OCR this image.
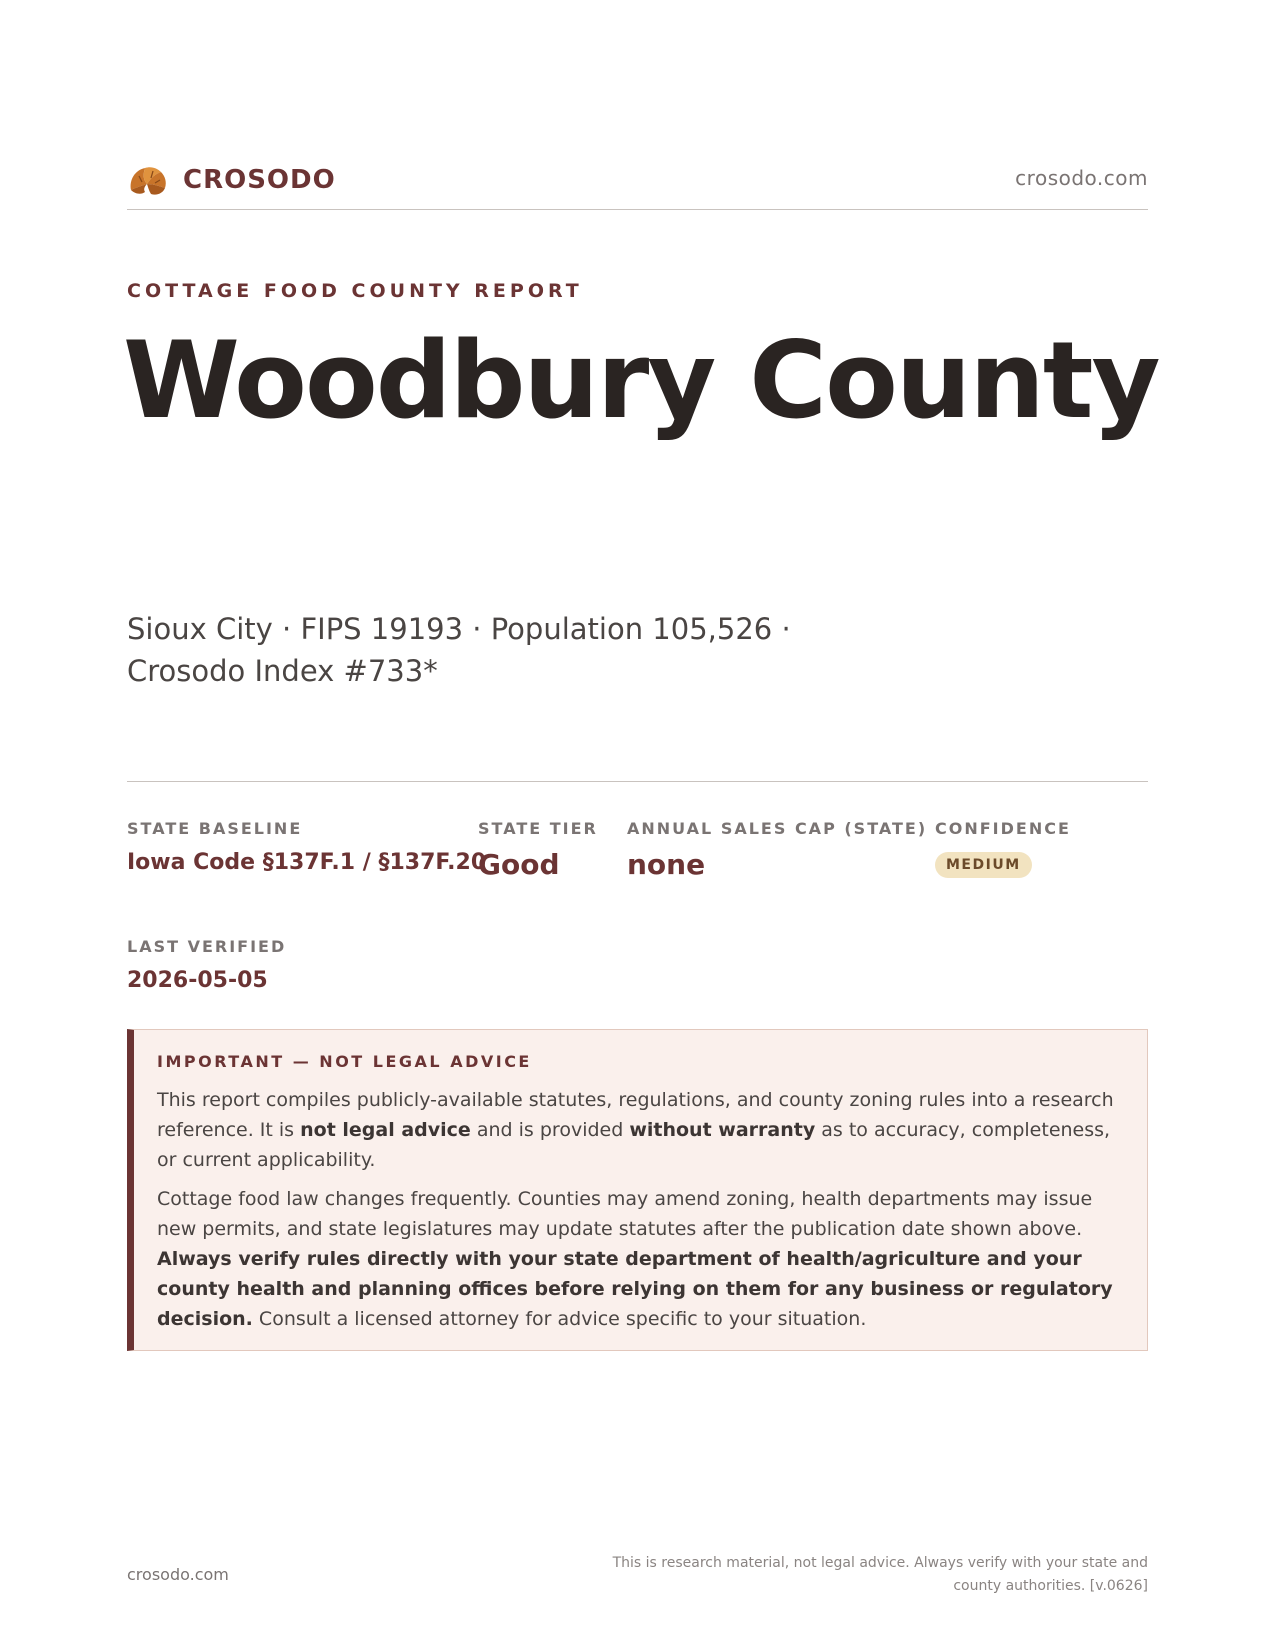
CROSODO	crosodo.com
COTTAGE FOOD COUNTY REPORT
Woodbury County
Sioux City · FIPS 19193 · Population 105,526 · Crosodo Index #733*
STATE BASELINE
Iowa Code §137F.1 / §137F.20
STATE TIER
Good
ANNUAL SALES CAP (STATE)
none
CONFIDENCE
MEDIUM
LAST VERIFIED
2026-05-05
IMPORTANT — NOT LEGAL ADVICE

This report compiles publicly-available statutes, regulations, and county zoning rules into a research reference. It is not legal advice and is provided without warranty as to accuracy, completeness, or current applicability.

Cottage food law changes frequently. Counties may amend zoning, health departments may issue new permits, and state legislatures may update statutes after the publication date shown above. Always verify rules directly with your state department of health/agriculture and your county health and planning offices before relying on them for any business or regulatory decision. Consult a licensed attorney for advice specific to your situation.

crosodo.com
This is research material, not legal advice. Always verify with your state and county authorities. [v.0626]
